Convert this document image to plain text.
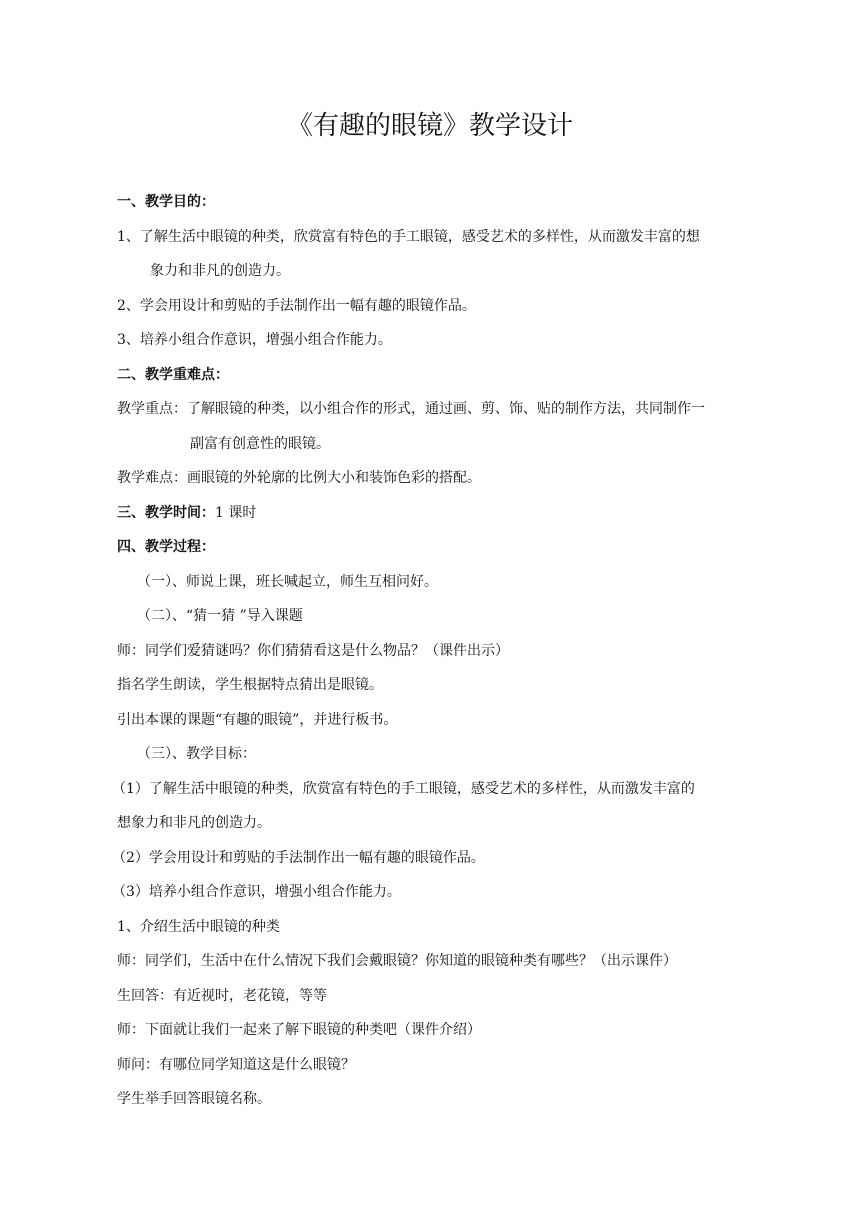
《有趣的眼镜》教学设计
一、教学目的：
1、了解生活中眼镜的种类，欣赏富有特色的手工眼镜，感受艺术的多样性，从而激发丰富的想
象力和非凡的创造力。
2、学会用设计和剪贴的手法制作出一幅有趣的眼镜作品。
3、培养小组合作意识，增强小组合作能力。
二、教学重难点：
教学重点：了解眼镜的种类，以小组合作的形式，通过画、剪、饰、贴的制作方法，共同制作一
副富有创意性的眼镜。
教学难点：画眼镜的外轮廓的比例大小和装饰色彩的搭配。
三、教学时间：1 课时
四、教学过程：
（一）、师说上课，班长喊起立，师生互相问好。
（二）、“猜一猜 ”导入课题
师：同学们爱猜谜吗？你们猜猜看这是什么物品？（课件出示）
指名学生朗读，学生根据特点猜出是眼镜。
引出本课的课题“有趣的眼镜”，并进行板书。
（三）、教学目标：
（1）了解生活中眼镜的种类，欣赏富有特色的手工眼镜，感受艺术的多样性，从而激发丰富的
想象力和非凡的创造力。
（2）学会用设计和剪贴的手法制作出一幅有趣的眼镜作品。
（3）培养小组合作意识，增强小组合作能力。
1、介绍生活中眼镜的种类
师：同学们，生活中在什么情况下我们会戴眼镜？你知道的眼镜种类有哪些？（出示课件）
生回答：有近视时，老花镜，等等
师：下面就让我们一起来了解下眼镜的种类吧（课件介绍）
师问：有哪位同学知道这是什么眼镜？
学生举手回答眼镜名称。
